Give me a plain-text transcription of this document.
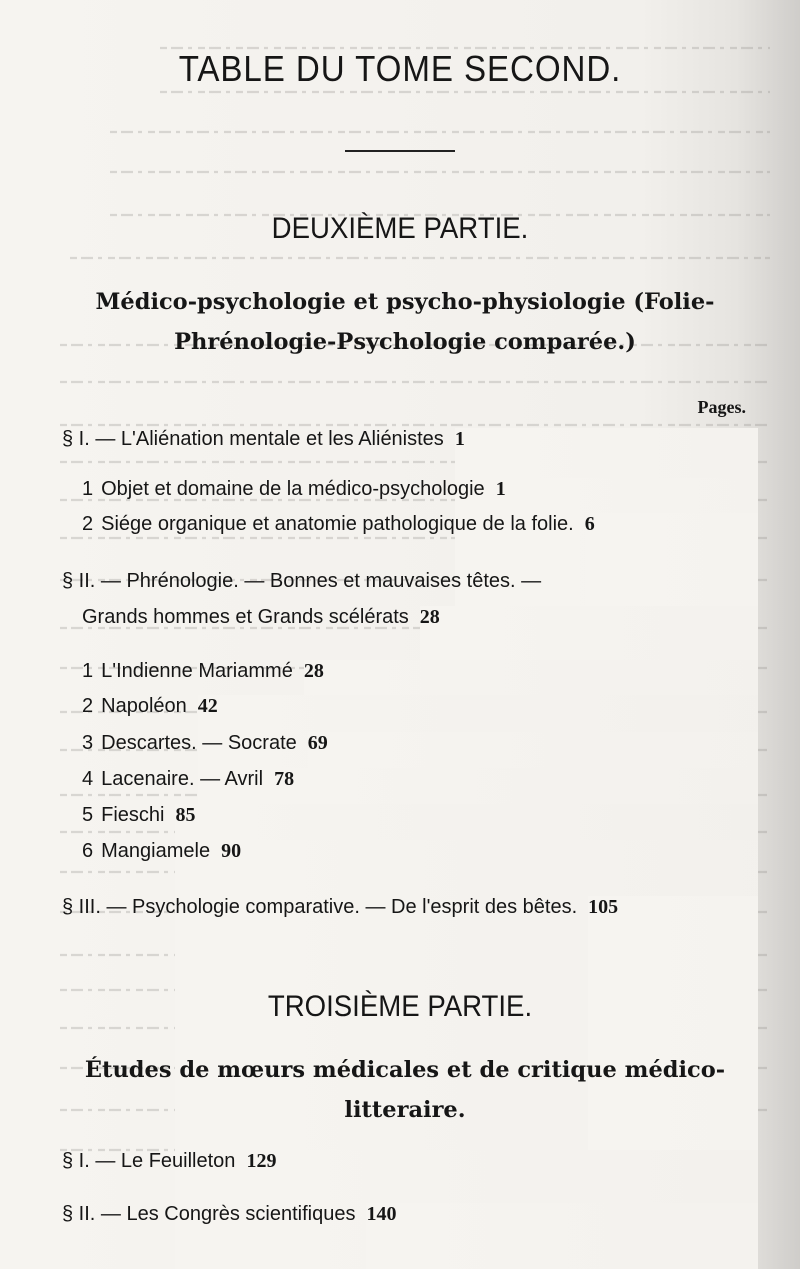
TABLE DU TOME SECOND.
DEUXIÈME PARTIE.
Médico-psychologie et psycho-physiologie (Folie-
Phrénologie-Psychologie comparée.)
Pages.
§ I. — L'Aliénation mentale et les Aliénistes 1
1 Objet et domaine de la médico-psychologie 1
2 Siége organique et anatomie pathologique de la folie. 6
§ II. — Phrénologie. — Bonnes et mauvaises têtes. —
Grands hommes et Grands scélérats 28
1 L'Indienne Mariammé 28
2 Napoléon 42
3 Descartes. — Socrate 69
4 Lacenaire. — Avril 78
5 Fieschi 85
6 Mangiamele 90
§ III. — Psychologie comparative. — De l'esprit des bêtes. 105
TROISIÈME PARTIE.
Études de mœurs médicales et de critique médico-
litteraire.
§ I. — Le Feuilleton 129
§ II. — Les Congrès scientifiques 140
